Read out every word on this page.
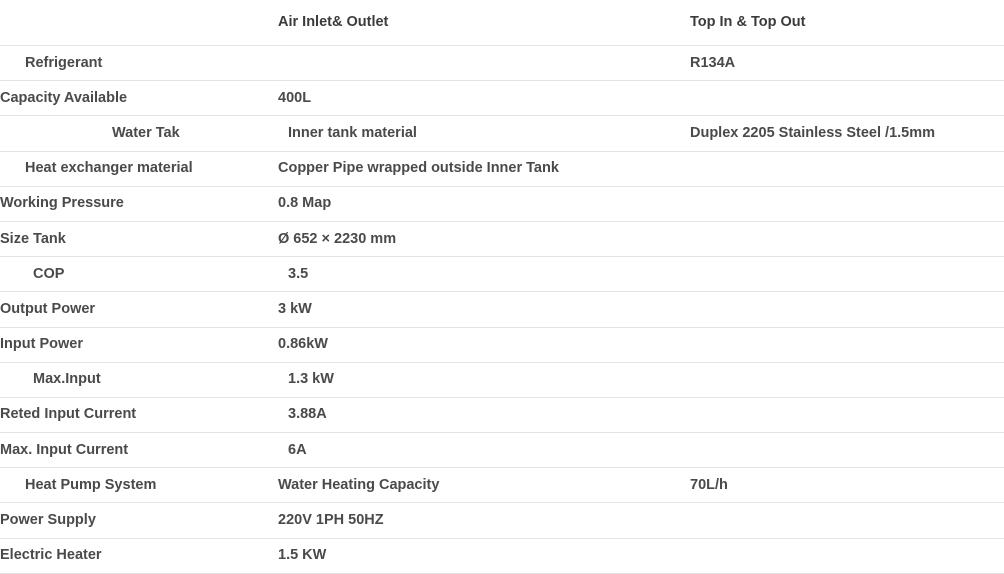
	Air Inlet& Outlet	Top In & Top Out
Refrigerant		R134A
Capacity Available	400L	
Water Tak	Inner tank material	Duplex 2205 Stainless Steel /1.5mm
Heat exchanger material	Copper Pipe wrapped outside Inner Tank	
Working Pressure	0.8 Map	
Size Tank	Ø 652 × 2230 mm	
COP	3.5	
Output Power	3 kW	
Input Power	0.86kW	
Max.Input	1.3 kW	
Reted Input Current	3.88A	
Max. Input Current	6A	
Heat Pump System	Water Heating Capacity	70L/h
Power Supply	220V 1PH 50HZ	
Electric Heater	1.5 KW	
